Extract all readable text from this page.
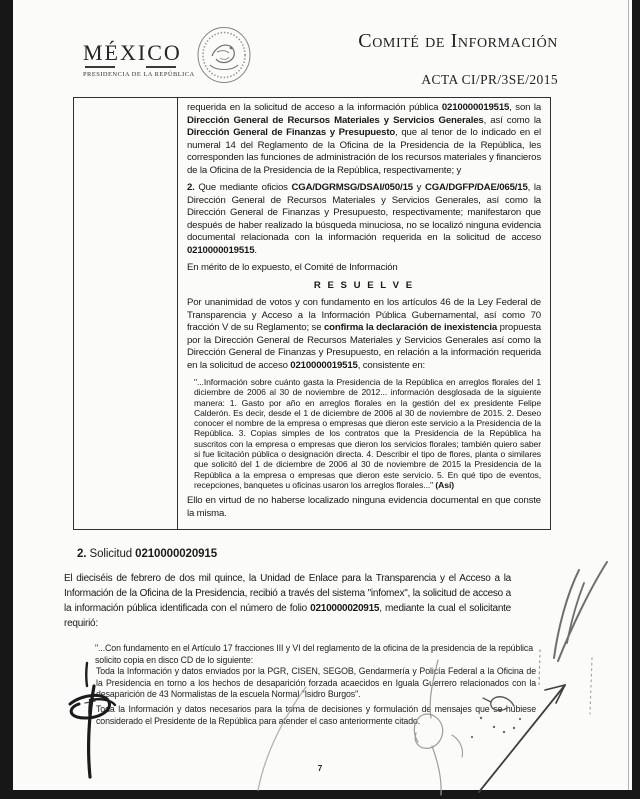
MÉXICO
PRESIDENCIA DE LA REPÚBLICA
Comité de Información
ACTA CI/PR/3SE/2015

requerida en la solicitud de acceso a la información pública 0210000019515, son la Dirección General de Recursos Materiales y Servicios Generales, así como la Dirección General de Finanzas y Presupuesto, que al tenor de lo indicado en el numeral 14 del Reglamento de la Oficina de la Presidencia de la República, les corresponden las funciones de administración de los recursos materiales y financieros de la Oficina de la Presidencia de la República, respectivamente; y

2. Que mediante oficios CGA/DGRMSG/DSAI/050/15 y CGA/DGFP/DAE/065/15, la Dirección General de Recursos Materiales y Servicios Generales, así como la Dirección General de Finanzas y Presupuesto, respectivamente; manifestaron que después de haber realizado la búsqueda minuciosa, no se localizó ninguna evidencia documental relacionada con la información requerida en la solicitud de acceso 0210000019515.

En mérito de lo expuesto, el Comité de Información

R E S U E L V E

Por unanimidad de votos y con fundamento en los artículos 46 de la Ley Federal de Transparencia y Acceso a la Información Pública Gubernamental, así como 70 fracción V de su Reglamento; se confirma la declaración de inexistencia propuesta por la Dirección General de Recursos Materiales y Servicios Generales así como la Dirección General de Finanzas y Presupuesto, en relación a la información requerida en la solicitud de acceso 0210000019515, consistente en:

"...Información sobre cuánto gasta la Presidencia de la República en arreglos florales del 1 diciembre de 2006 al 30 de noviembre de 2012... información desglosada de la siguiente manera: 1. Gasto por año en arreglos florales en la gestión del ex presidente Felipe Calderón. Es decir, desde el 1 de diciembre de 2006 al 30 de noviembre de 2015. 2. Deseo conocer el nombre de la empresa o empresas que dieron este servicio a la Presidencia de la República. 3. Copias simples de los contratos que la Presidencia de la República ha suscritos con la empresa o empresas que dieron los servicios florales; también quiero saber si fue licitación pública o designación directa. 4. Describir el tipo de flores, planta o similares que solicitó del 1 de diciembre de 2006 al 30 de noviembre de 2015 la Presidencia de la República a la empresa o empresas que dieron este servicio. 5. En qué tipo de eventos, recepciones, banquetes u oficinas usaron los arreglos florales..." (Así)

Ello en virtud de no haberse localizado ninguna evidencia documental en que conste la misma.

2. Solicitud 0210000020915
El dieciséis de febrero de dos mil quince, la Unidad de Enlace para la Transparencia y el Acceso a la Información de la Oficina de la Presidencia, recibió a través del sistema "infomex", la solicitud de acceso a la información pública identificada con el número de folio 0210000020915, mediante la cual el solicitante requirió:
"...Con fundamento en el Artículo 17 fracciones III y VI del reglamento de la oficina de la presidencia de la república solicito copia en disco CD de lo siguiente:
Toda la Información y datos enviados por la PGR, CISEN, SEGOB, Gendarmería y Policía Federal a la Oficina de la Presidencia en torno a los hechos de desaparición forzada acaecidos en Iguala Guerrero relacionados con la desaparición de 43 Normalistas de la escuela Normal "Isidro Burgos".
Toda la Información y datos necesarios para la toma de decisiones y formulación de mensajes que se hubiese considerado el Presidente de la República para atender el caso anteriormente citado.
7
